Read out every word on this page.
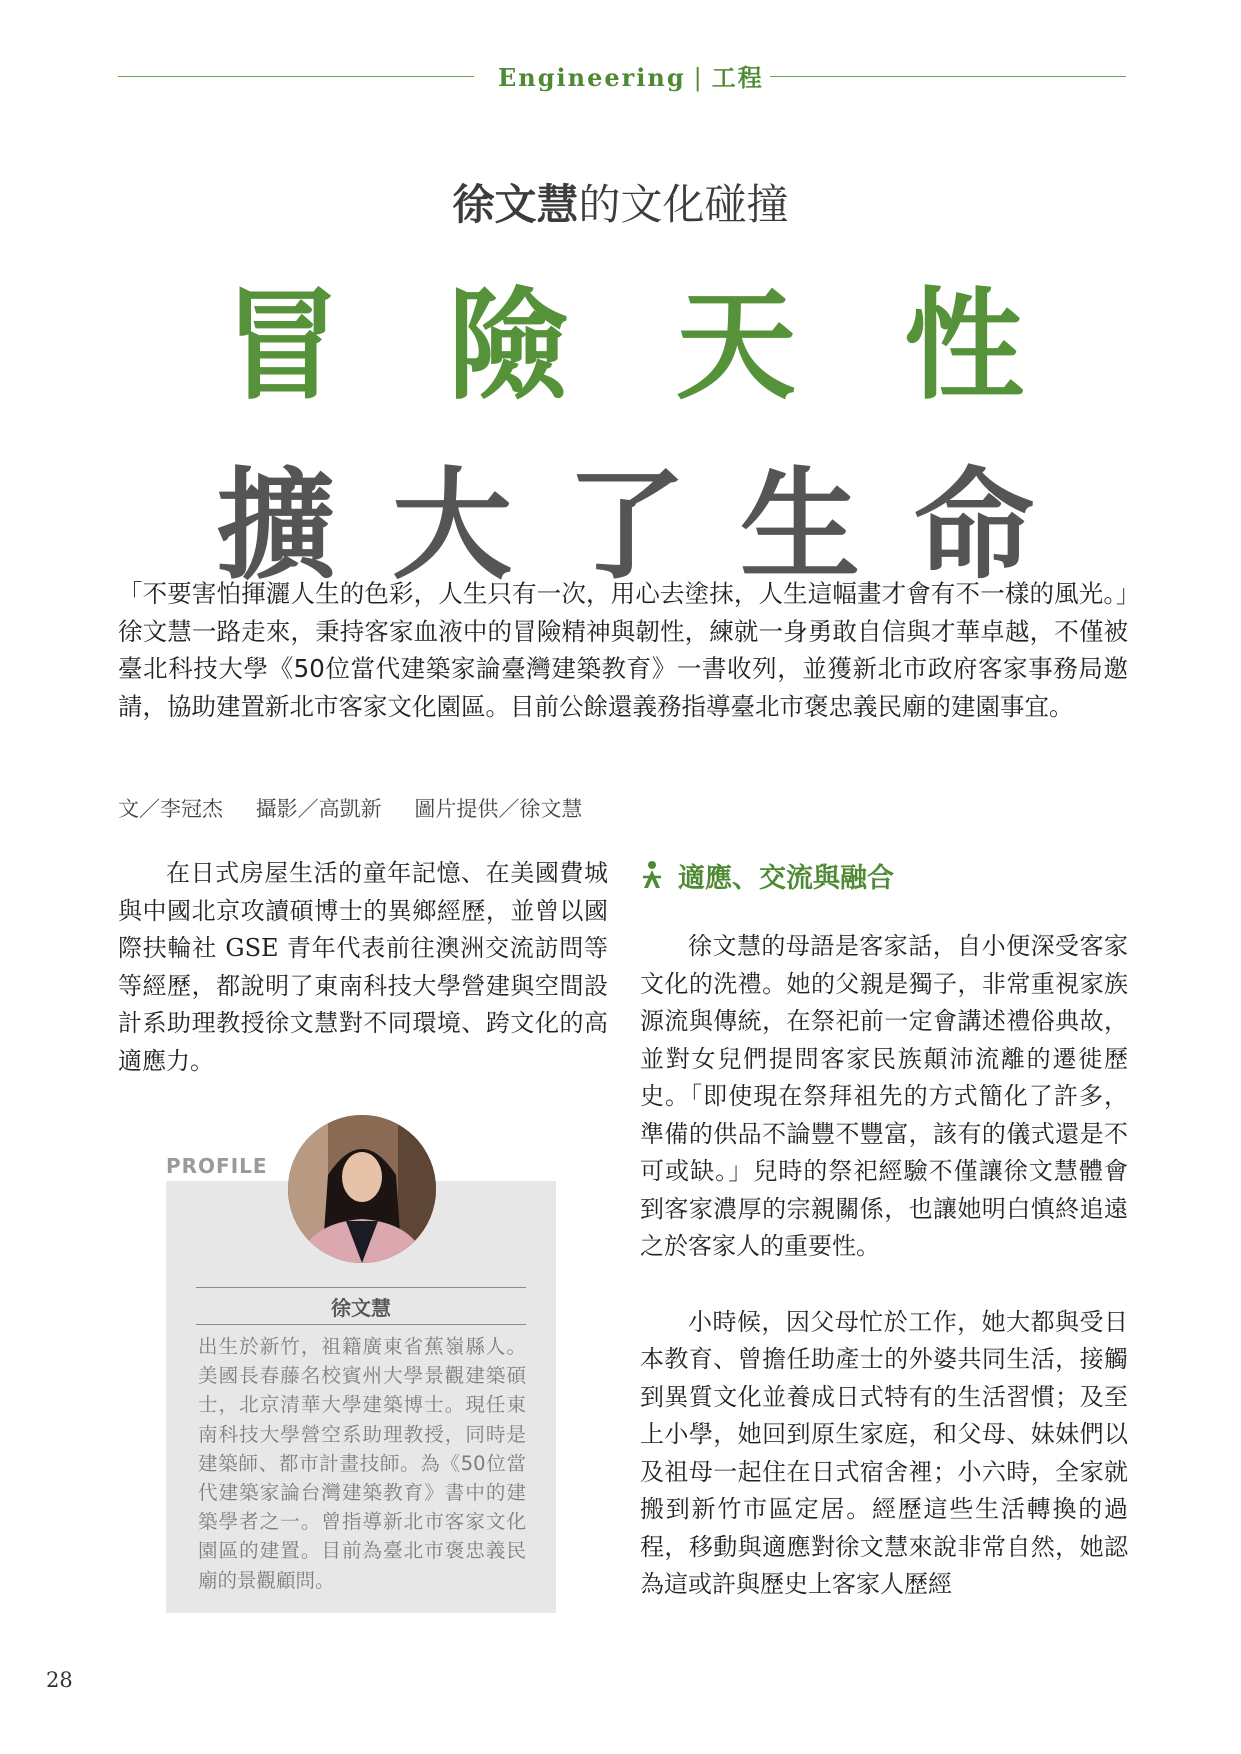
Engineering | 工程
徐文慧的文化碰撞
冒 險 天 性
擴 大 了 生 命
「不要害怕揮灑人生的色彩，人生只有一次，用心去塗抹，人生這幅畫才會有不一樣的風光。」徐文慧一路走來，秉持客家血液中的冒險精神與韌性，練就一身勇敢自信與才華卓越，不僅被臺北科技大學《50位當代建築家論臺灣建築教育》一書收列，並獲新北市政府客家事務局邀請，協助建置新北市客家文化園區。目前公餘還義務指導臺北市褒忠義民廟的建園事宜。
文／李冠杰 攝影／高凱新 圖片提供／徐文慧

在日式房屋生活的童年記憶、在美國費城與中國北京攻讀碩博士的異鄉經歷，並曾以國際扶輪社 GSE 青年代表前往澳洲交流訪問等等經歷，都說明了東南科技大學營建與空間設計系助理教授徐文慧對不同環境、跨文化的高適應力。

適應、交流與融合

徐文慧的母語是客家話，自小便深受客家文化的洗禮。她的父親是獨子，非常重視家族源流與傳統，在祭祀前一定會講述禮俗典故，並對女兒們提問客家民族顛沛流離的遷徙歷史。「即使現在祭拜祖先的方式簡化了許多，準備的供品不論豐不豐富，該有的儀式還是不可或缺。」兒時的祭祀經驗不僅讓徐文慧體會到客家濃厚的宗親關係，也讓她明白慎終追遠之於客家人的重要性。

小時候，因父母忙於工作，她大都與受日本教育、曾擔任助產士的外婆共同生活，接觸到異質文化並養成日式特有的生活習慣；及至上小學，她回到原生家庭，和父母、妹妹們以及祖母一起住在日式宿舍裡；小六時，全家就搬到新竹市區定居。經歷這些生活轉換的過程，移動與適應對徐文慧來說非常自然，她認為這或許與歷史上客家人歷經

PROFILE
徐文慧
出生於新竹，祖籍廣東省蕉嶺縣人。美國長春藤名校賓州大學景觀建築碩士，北京清華大學建築博士。現任東南科技大學營空系助理教授，同時是建築師、都市計畫技師。為《50位當代建築家論台灣建築教育》書中的建築學者之一。曾指導新北市客家文化園區的建置。目前為臺北市褒忠義民廟的景觀顧問。
28
